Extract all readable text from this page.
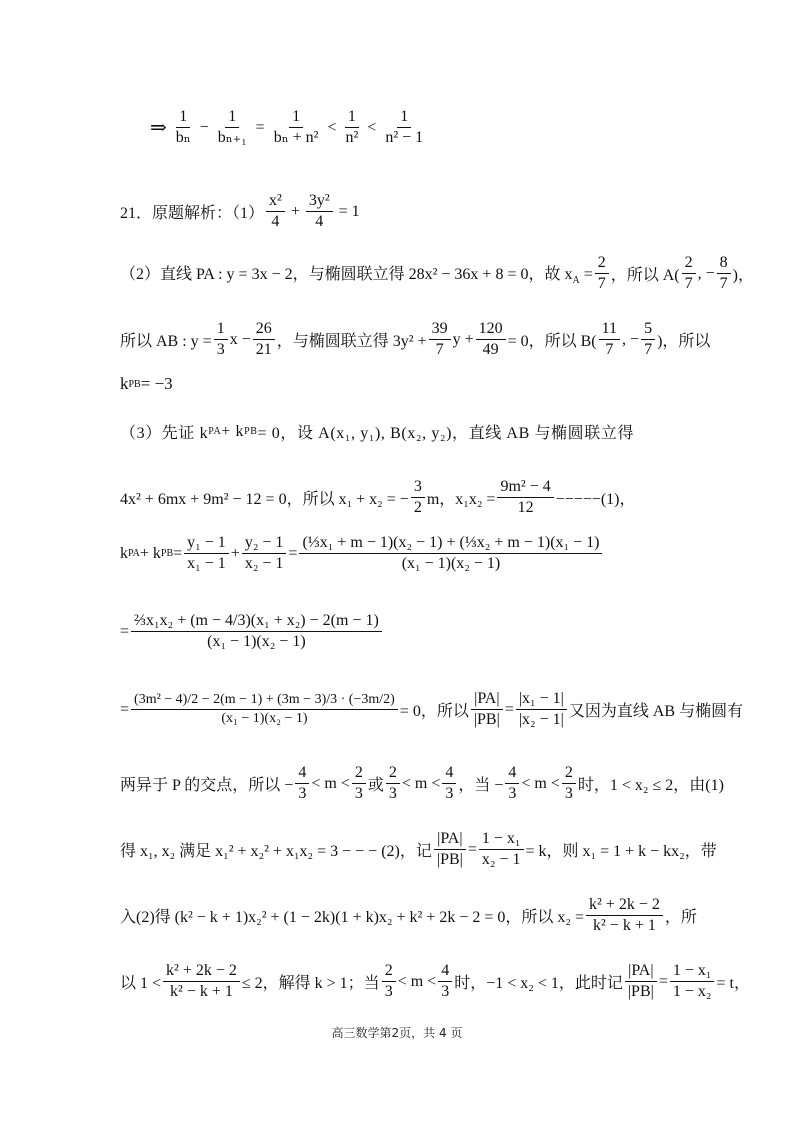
⇒ $\frac{1}{\text{bₙ}} - \frac{1}{\text{bₙ₊₁}} = \frac{1}{\text{bₙ + n²}} < \frac{1}{\text{n²}} < \frac{1}{\text{n² − 1}}$
21．原题解析：$(1) \frac{\text{x²}}{4} + \frac{\text{3y²}}{4} = 1$
（2）直线 PA : y = 3x − 2，与椭圆联立得 28x² − 36x + 8 = 0，故 $x_A = \frac{2}{7}$ ，所以 $A( \frac{2}{7}$ , − $\frac{8}{7}$ )，
所以 AB : $y = \frac{1}{3}$ $x - \frac{26}{21}$ ，与椭圆联立得 $3y^2 + \frac{39}{7}$ $y + \frac{120}{49} = 0$，所以 $B( \frac{11}{7}$ , − $\frac{5}{7}$ )，所以
k PB = −3
（3）先证 k PA + k PB = 0，设 A(x₁, y₁), B(x₂, y₂)，直线 AB 与椭圆联立得
4x² + 6mx + 9m² − 12 = 0，所以 x₁ + x₂ = − $\frac{3}{2}$ m，$x_1x_2 = \frac{\text{9m² − 4}}{12} -----(1)$，
k PA + k PB = $\frac{\text{y₁ − 1}}{\text{x₁ − 1}} + \frac{\text{y₂ − 1}}{\text{x₂ − 1}} = \frac{\text{(⅓x₁ + m − 1)(x₂ − 1) + (⅓x₂ + m − 1)(x₁ − 1)}}{\text{(x₁ − 1)(x₂ − 1)}}$
= $\frac{\text{⅔x₁x₂ + (m − 4/3)(x₁ + x₂) − 2(m − 1)}}{\text{(x₁ − 1)(x₂ − 1)}}$
= $\frac{\text{(3m² − 4)/2 − 2(m − 1) + (3m − 3)/3 · (−3m/2)}}{\text{(x₁ − 1)(x₂ − 1)}} = 0$，所以 $\frac{|PA|}{|PB|} = \frac{\text{|x₁ − 1|}}{\text{|x₂ − 1|}}$ 又因为直线 AB 与椭圆有
两异于 P 的交点，所以 − $\frac{4}{3} < m < \frac{2}{3}$ 或 $\frac{2}{3} < m < \frac{4}{3}$ ，当 − $\frac{4}{3} < m < \frac{2}{3}$ 时，1 < x₂ ≤ 2，由(1)
得 x₁, x₂ 满足 x₁² + x₂² + x₁x₂ = 3 − − − (2)，记 $\frac{|PA|}{|PB|} = \frac{\text{1 − x₁}}{\text{x₂ − 1}} = k$，则 x₁ = 1 + k − kx₂，带
入(2)得 (k² − k + 1)x₂² + (1 − 2k)(1 + k)x₂ + k² + 2k − 2 = 0，所以 $x_2 = \frac{\text{k² + 2k − 2}}{\text{k² − k + 1}}$ ，所
以 $1 < \frac{\text{k² + 2k − 2}}{\text{k² − k + 1}} \le 2$，解得 k > 1；当 $\frac{2}{3} < m < \frac{4}{3}$ 时，−1 < x₂ < 1，此时记 $\frac{|PA|}{|PB|} = \frac{\text{1 − x₁}}{\text{1 − x₂}} = t$，
高三数学第2页，共 4 页
